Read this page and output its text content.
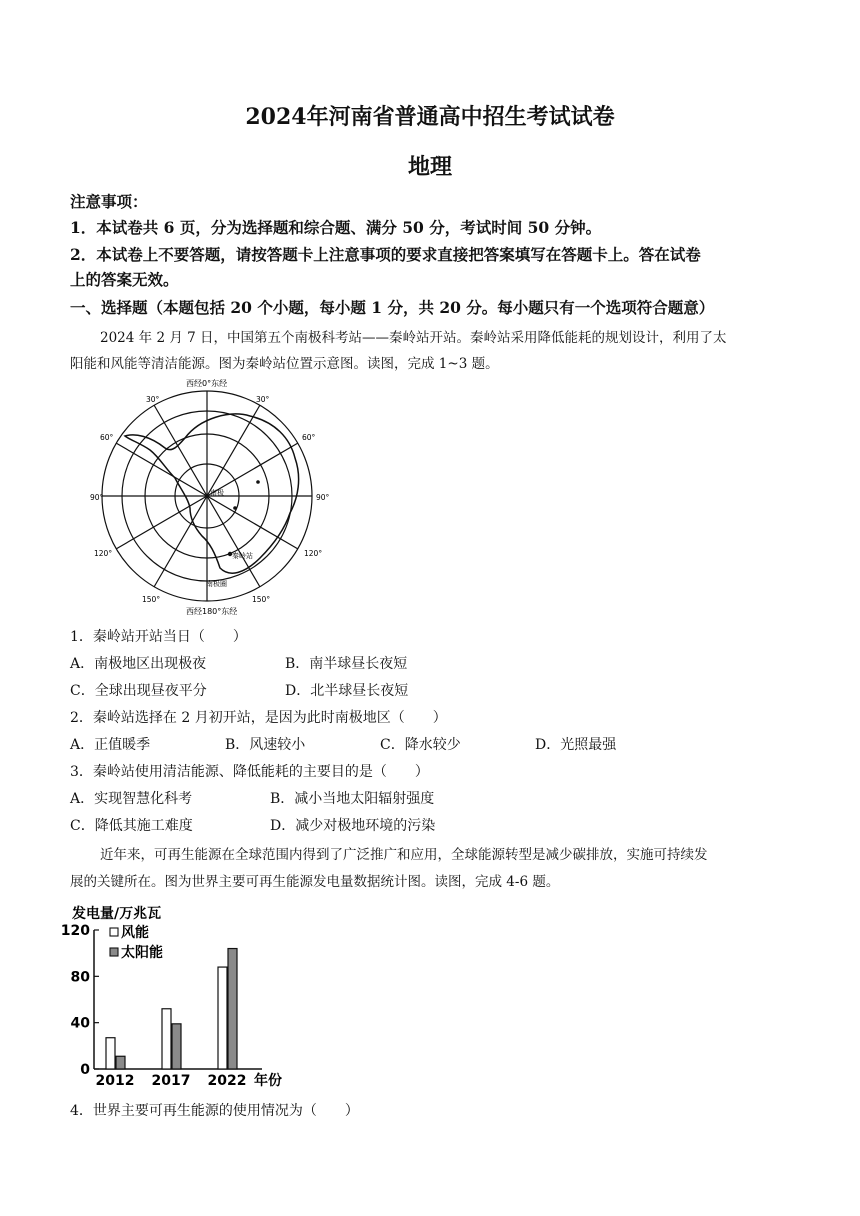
2024年河南省普通高中招生考试试卷
地理
注意事项：
1．本试卷共 6 页，分为选择题和综合题、满分 50 分，考试时间 50 分钟。
2．本试卷上不要答题，请按答题卡上注意事项的要求直接把答案填写在答题卡上。答在试卷
上的答案无效。
一、选择题（本题包括 20 个小题，每小题 1 分，共 20 分。每小题只有一个选项符合题意）
2024 年 2 月 7 日，中国第五个南极科考站——秦岭站开站。秦岭站采用降低能耗的规划设计，利用了太
阳能和风能等清洁能源。图为秦岭站位置示意图。读图，完成 1~3 题。
西经0°东经
西经180°东经
南极
秦岭站
南极圈
30°	30°
60°	60°
90°	90°
120°	120°
150°	150°
1．秦岭站开站当日（　　）
A．南极地区出现极夜	B．南半球昼长夜短
C．全球出现昼夜平分	D．北半球昼长夜短
2．秦岭站选择在 2 月初开站，是因为此时南极地区（　　）
A．正值暖季	B．风速较小	C．降水较少	D．光照最强
3．秦岭站使用清洁能源、降低能耗的主要目的是（　　）
A．实现智慧化科考	B．减小当地太阳辐射强度
C．降低其施工难度	D．减少对极地环境的污染
近年来，可再生能源在全球范围内得到了广泛推广和应用，全球能源转型是减少碳排放，实施可持续发
展的关键所在。图为世界主要可再生能源发电量数据统计图。读图，完成 4-6 题。
发电量/万兆瓦
0
40
80
120
2012 2017 2022
风能
太阳能
年份
4．世界主要可再生能源的使用情况为（　　）
